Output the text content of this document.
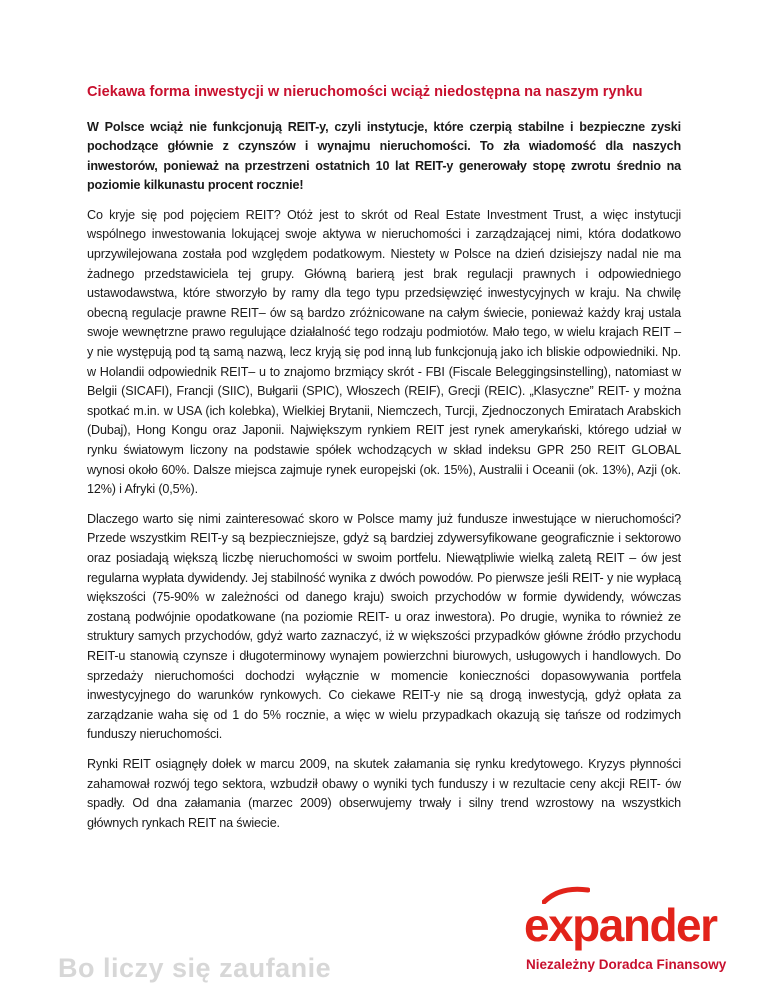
Ciekawa forma inwestycji w nieruchomości wciąż niedostępna na naszym rynku

W Polsce wciąż nie funkcjonują REIT-y, czyli instytucje, które czerpią stabilne i bezpieczne zyski pochodzące głównie z czynszów i wynajmu nieruchomości. To zła wiadomość dla naszych inwestorów, ponieważ na przestrzeni ostatnich 10 lat REIT-y generowały stopę zwrotu średnio na poziomie kilkunastu procent rocznie!

Co kryje się pod pojęciem REIT? Otóż jest to skrót od Real Estate Investment Trust, a więc instytucji wspólnego inwestowania lokującej swoje aktywa w nieruchomości i zarządzającej nimi, która dodatkowo uprzywilejowana została pod względem podatkowym. Niestety w Polsce na dzień dzisiejszy nadal nie ma żadnego przedstawiciela tej grupy. Główną barierą jest brak regulacji prawnych i odpowiedniego ustawodawstwa, które stworzyło by ramy dla tego typu przedsięwzięć inwestycyjnych w kraju. Na chwilę obecną regulacje prawne REIT– ów są bardzo zróżnicowane na całym świecie, ponieważ każdy kraj ustala swoje wewnętrzne prawo regulujące działalność tego rodzaju podmiotów. Mało tego, w wielu krajach REIT – y nie występują pod tą samą nazwą, lecz kryją się pod inną lub funkcjonują jako ich bliskie odpowiedniki. Np. w Holandii odpowiednik REIT– u to znajomo brzmiący skrót - FBI (Fiscale Beleggingsinstelling), natomiast w Belgii (SICAFI), Francji (SIIC), Bułgarii (SPIC), Włoszech (REIF), Grecji (REIC). „Klasyczne” REIT- y można spotkać m.in. w USA (ich kolebka), Wielkiej Brytanii, Niemczech, Turcji, Zjednoczonych Emiratach Arabskich (Dubaj), Hong Kongu oraz Japonii. Największym rynkiem REIT jest rynek amerykański, którego udział w rynku światowym liczony na podstawie spółek wchodzących w skład indeksu GPR 250 REIT GLOBAL wynosi około 60%. Dalsze miejsca zajmuje rynek europejski (ok. 15%), Australii i Oceanii (ok. 13%), Azji (ok. 12%) i Afryki (0,5%).

Dlaczego warto się nimi zainteresować skoro w Polsce mamy już fundusze inwestujące w nieruchomości? Przede wszystkim REIT-y są bezpieczniejsze, gdyż są bardziej zdywersyfikowane geograficznie i sektorowo oraz posiadają większą liczbę nieruchomości w swoim portfelu. Niewątpliwie wielką zaletą REIT – ów jest regularna wypłata dywidendy. Jej stabilność wynika z dwóch powodów. Po pierwsze jeśli REIT- y nie wypłacą większości (75-90% w zależności od danego kraju) swoich przychodów w formie dywidendy, wówczas zostaną podwójnie opodatkowane (na poziomie REIT- u oraz inwestora). Po drugie, wynika to również ze struktury samych przychodów, gdyż warto zaznaczyć, iż w większości przypadków główne źródło przychodu REIT-u stanowią czynsze i długoterminowy wynajem powierzchni biurowych, usługowych i handlowych. Do sprzedaży nieruchomości dochodzi wyłącznie w momencie konieczności dopasowywania portfela inwestycyjnego do warunków rynkowych. Co ciekawe REIT-y nie są drogą inwestycją, gdyż opłata za zarządzanie waha się od 1 do 5% rocznie, a więc w wielu przypadkach okazują się tańsze od rodzimych funduszy nieruchomości.

Rynki REIT osiągnęły dołek w marcu 2009, na skutek załamania się rynku kredytowego. Kryzys płynności zahamował rozwój tego sektora, wzbudził obawy o wyniki tych funduszy i w rezultacie ceny akcji REIT- ów spadły. Od dna załamania (marzec 2009) obserwujemy trwały i silny trend wzrostowy na wszystkich głównych rynkach REIT na świecie.

Bo liczy się zaufanie
expander
Niezależny Doradca Finansowy
